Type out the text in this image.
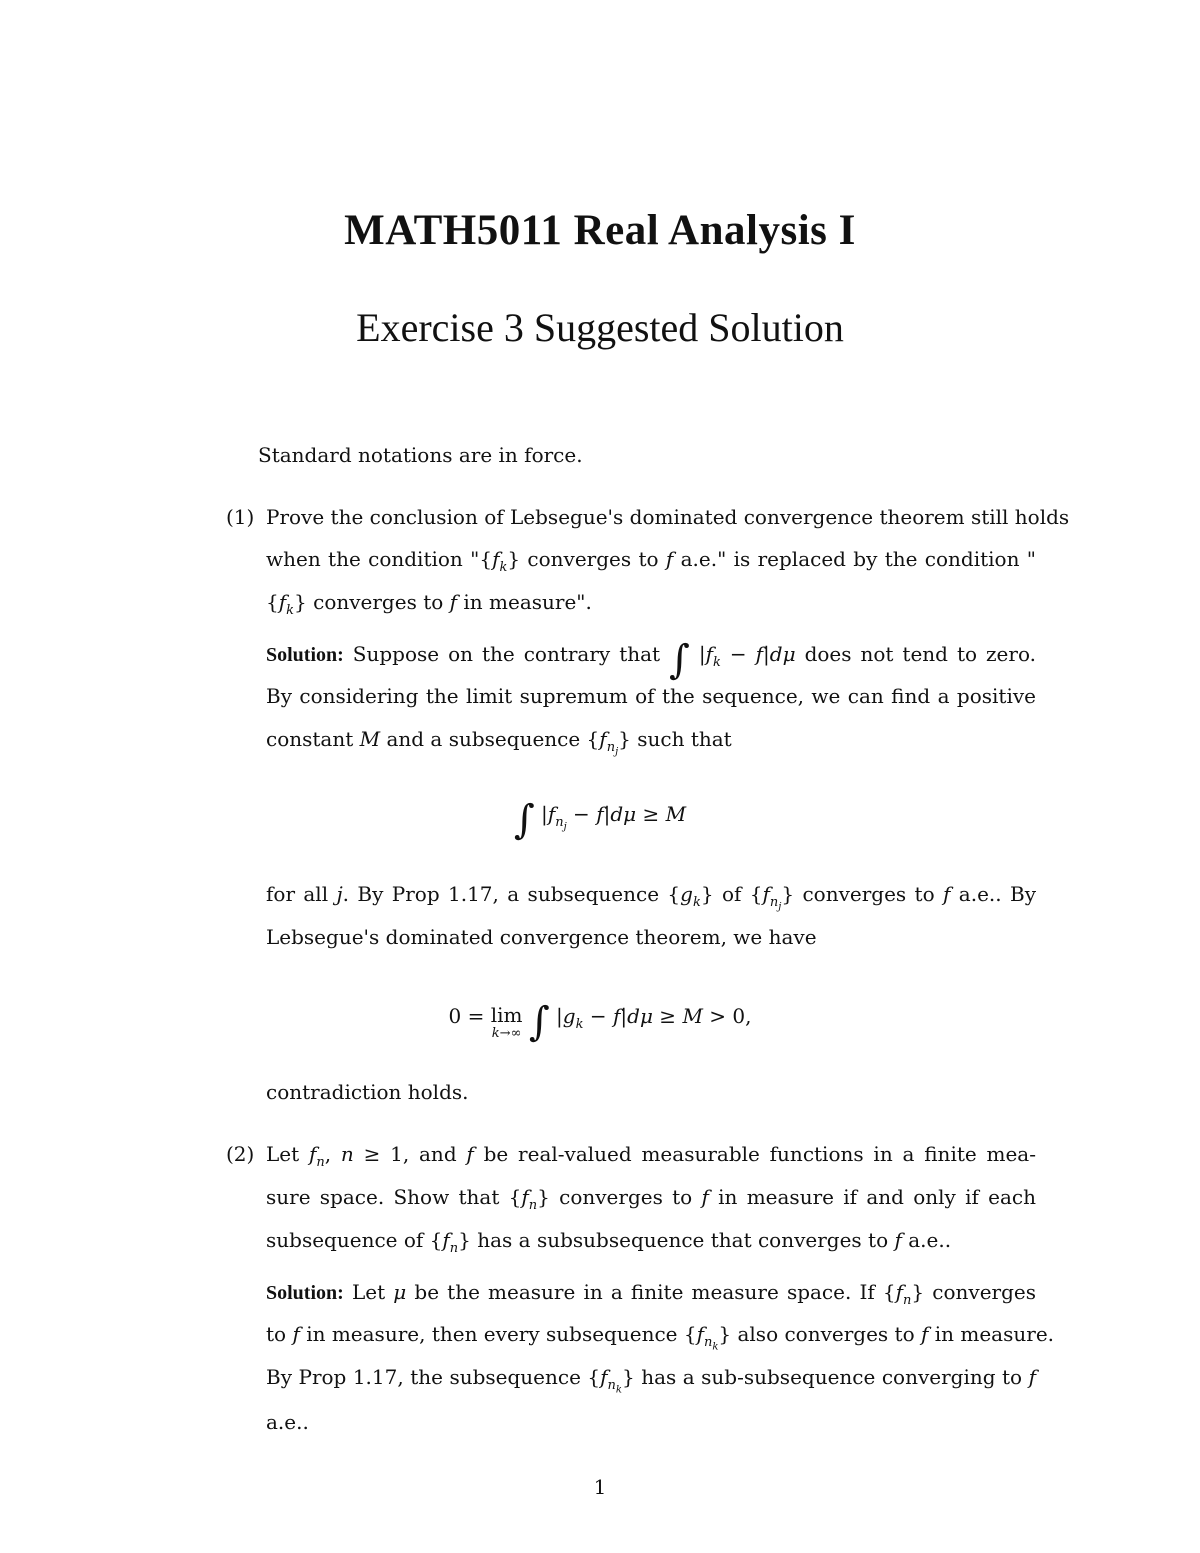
MATH5011 Real Analysis I
Exercise 3 Suggested Solution
Standard notations are in force.
(1) Prove the conclusion of Lebsegue's dominated convergence theorem still holds
when the condition "$\{f_k\}$ converges to f a.e." is replaced by the condition "
$\{f_k\}$ converges to f in measure".
Solution: Suppose on the contrary that ∫ $|f_k - f|d\mu$ does not tend to zero.
By considering the limit supremum of the sequence, we can find a positive
constant M and a subsequence $\{f_{n_j}\}$ such that
∫ $|f_{n_j} - f|d\mu \ge M$
for all j. By Prop 1.17, a subsequence $\{g_k\}$ of $\{f_{n_j}\}$ converges to f a.e.. By
Lebsegue's dominated convergence theorem, we have
0 = lim
k→∞ ∫ $|g_k - f|d\mu \ge M > 0$,
contradiction holds.
(2) Let $f_n$, n ≥ 1, and f be real-valued measurable functions in a finite mea-
sure space. Show that $\{f_n\}$ converges to f in measure if and only if each
subsequence of $\{f_n\}$ has a subsubsequence that converges to f a.e..
Solution: Let μ be the measure in a finite measure space. If $\{f_n\}$ converges
to f in measure, then every subsequence $\{f_{n_k}\}$ also converges to f in measure.
By Prop 1.17, the subsequence $\{f_{n_k}\}$ has a sub-subsequence converging to f
a.e..
1
